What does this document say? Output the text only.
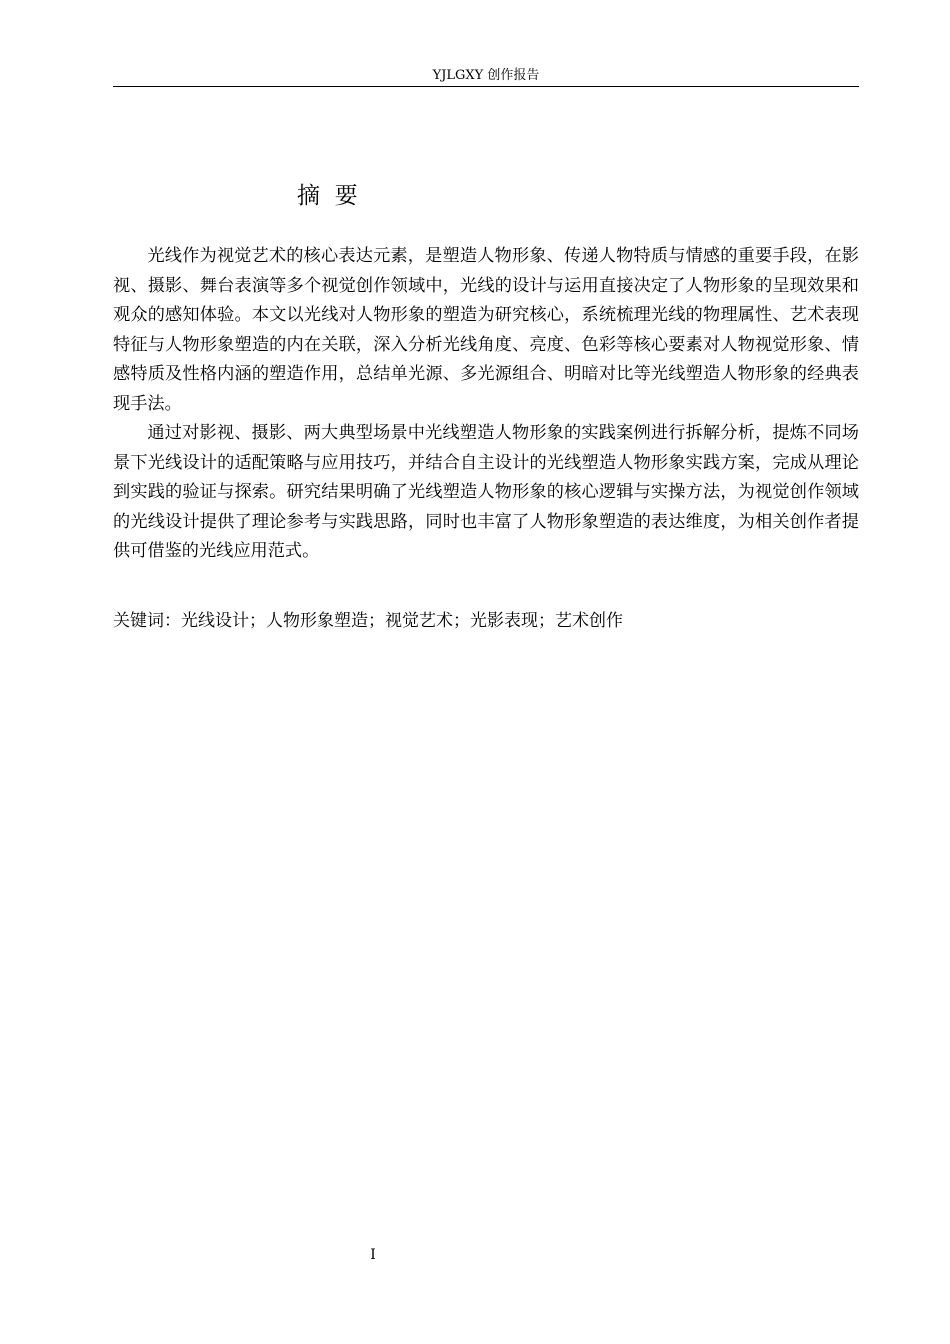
YJLGXY 创作报告
摘  要

光线作为视觉艺术的核心表达元素，是塑造人物形象、传递人物特质与情感的重要手段，在影视、摄影、舞台表演等多个视觉创作领域中，光线的设计与运用直接决定了人物形象的呈现效果和观众的感知体验。本文以光线对人物形象的塑造为研究核心，系统梳理光线的物理属性、艺术表现特征与人物形象塑造的内在关联，深入分析光线角度、亮度、色彩等核心要素对人物视觉形象、情感特质及性格内涵的塑造作用，总结单光源、多光源组合、明暗对比等光线塑造人物形象的经典表现手法。

通过对影视、摄影、两大典型场景中光线塑造人物形象的实践案例进行拆解分析，提炼不同场景下光线设计的适配策略与应用技巧，并结合自主设计的光线塑造人物形象实践方案，完成从理论到实践的验证与探索。研究结果明确了光线塑造人物形象的核心逻辑与实操方法，为视觉创作领域的光线设计提供了理论参考与实践思路，同时也丰富了人物形象塑造的表达维度，为相关创作者提供可借鉴的光线应用范式。

关键词：光线设计；人物形象塑造；视觉艺术；光影表现；艺术创作
I
